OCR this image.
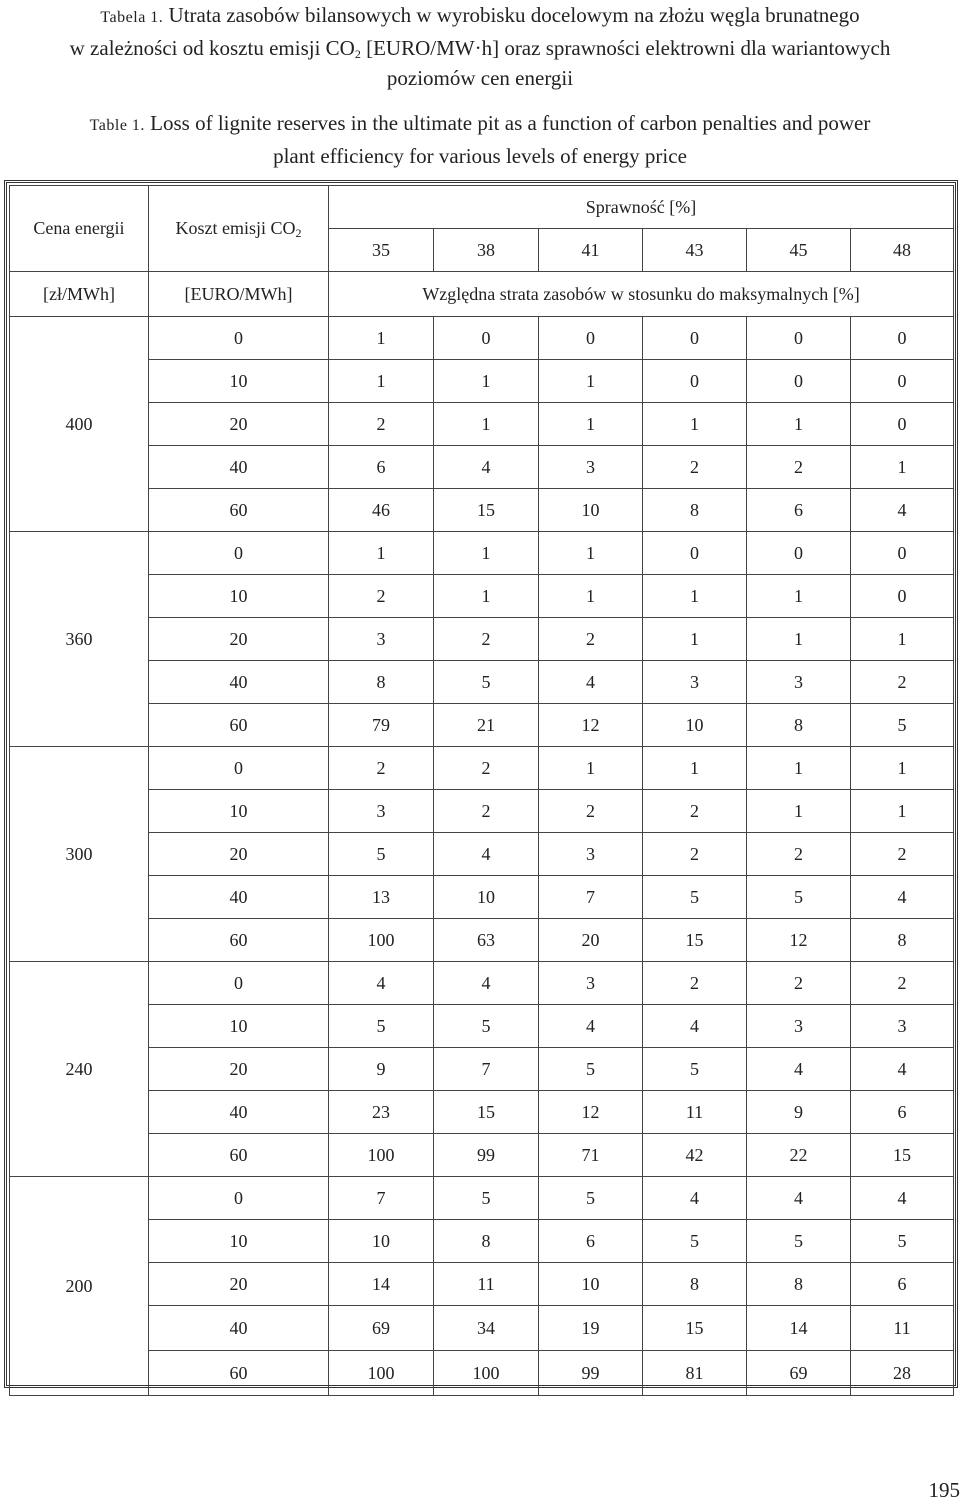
Tabela 1. Utrata zasobów bilansowych w wyrobisku docelowym na złożu węgla brunatnego
w zależności od kosztu emisji $CO_2$ [EURO/MW·h] oraz sprawności elektrowni dla wariantowych
poziomów cen energii
Table 1. Loss of lignite reserves in the ultimate pit as a function of carbon penalties and power
plant efficiency for various levels of energy price
Cena energii	Koszt emisji $CO_2$	Sprawność [%]					
		35	38	41	43	45	48
[zł/MWh]	[EURO/MWh]	Względna strata zasobów w stosunku do maksymalnych [%]					
400	0	1	0	0	0	0	0
	10	1	1	1	0	0	0
	20	2	1	1	1	1	0
	40	6	4	3	2	2	1
	60	46	15	10	8	6	4
360	0	1	1	1	0	0	0
	10	2	1	1	1	1	0
	20	3	2	2	1	1	1
	40	8	5	4	3	3	2
	60	79	21	12	10	8	5
300	0	2	2	1	1	1	1
	10	3	2	2	2	1	1
	20	5	4	3	2	2	2
	40	13	10	7	5	5	4
	60	100	63	20	15	12	8
240	0	4	4	3	2	2	2
	10	5	5	4	4	3	3
	20	9	7	5	5	4	4
	40	23	15	12	11	9	6
	60	100	99	71	42	22	15
200	0	7	5	5	4	4	4
	10	10	8	6	5	5	5
	20	14	11	10	8	8	6
	40	69	34	19	15	14	11
	60	100	100	99	81	69	28
195
